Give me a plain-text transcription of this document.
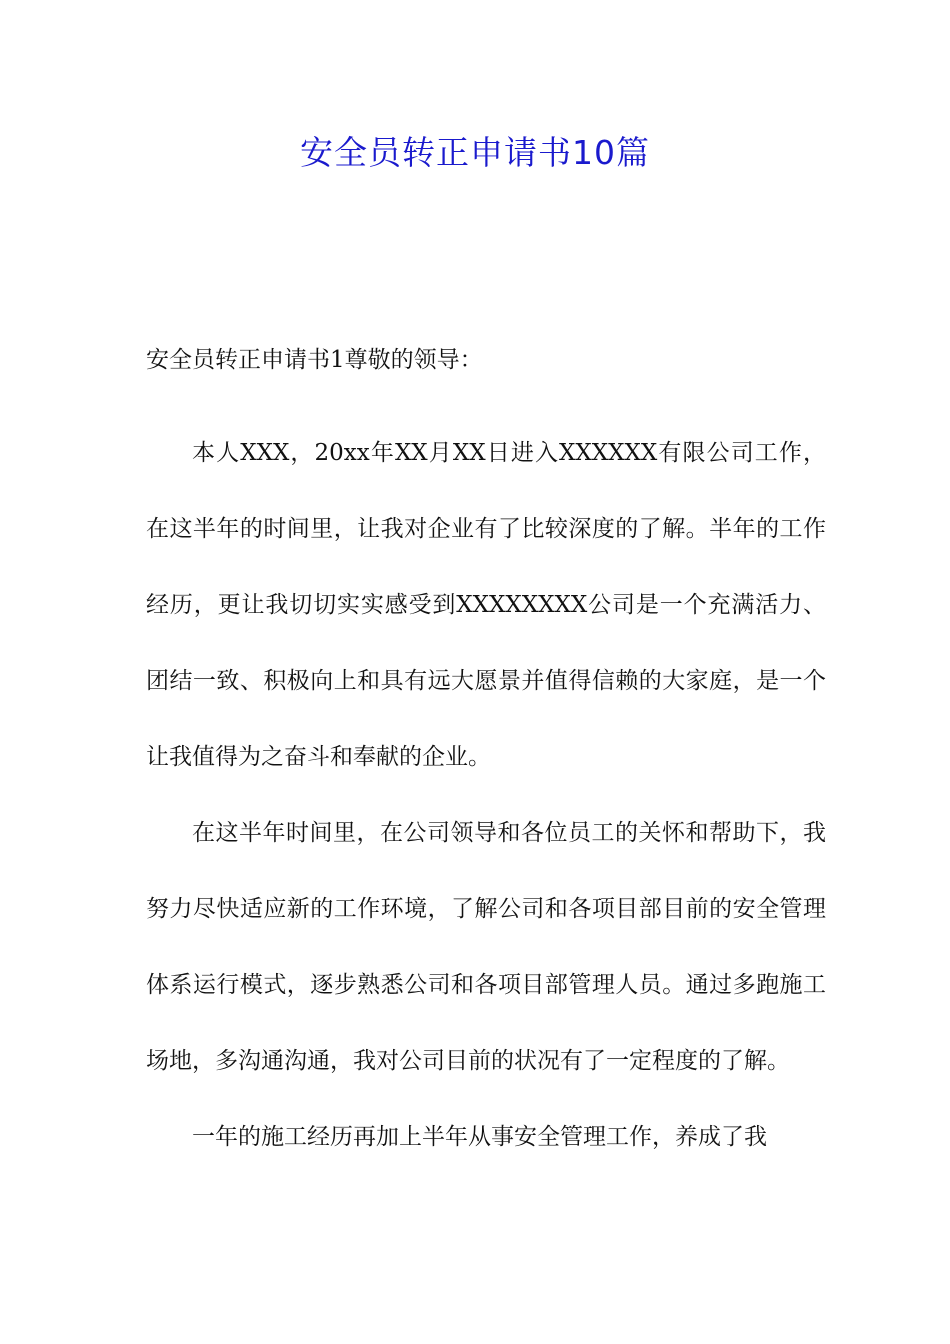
安全员转正申请书10篇

安全员转正申请书1尊敬的领导：

本人XXX，20xx年XX月XX日进入XXXXXX有限公司工作，在这半年的时间里，让我对企业有了比较深度的了解。半年的工作经历，更让我切切实实感受到XXXXXXXX公司是一个充满活力、团结一致、积极向上和具有远大愿景并值得信赖的大家庭，是一个让我值得为之奋斗和奉献的企业。

在这半年时间里，在公司领导和各位员工的关怀和帮助下，我努力尽快适应新的工作环境，了解公司和各项目部目前的安全管理体系运行模式，逐步熟悉公司和各项目部管理人员。通过多跑施工场地，多沟通沟通，我对公司目前的状况有了一定程度的了解。

一年的施工经历再加上半年从事安全管理工作，养成了我
